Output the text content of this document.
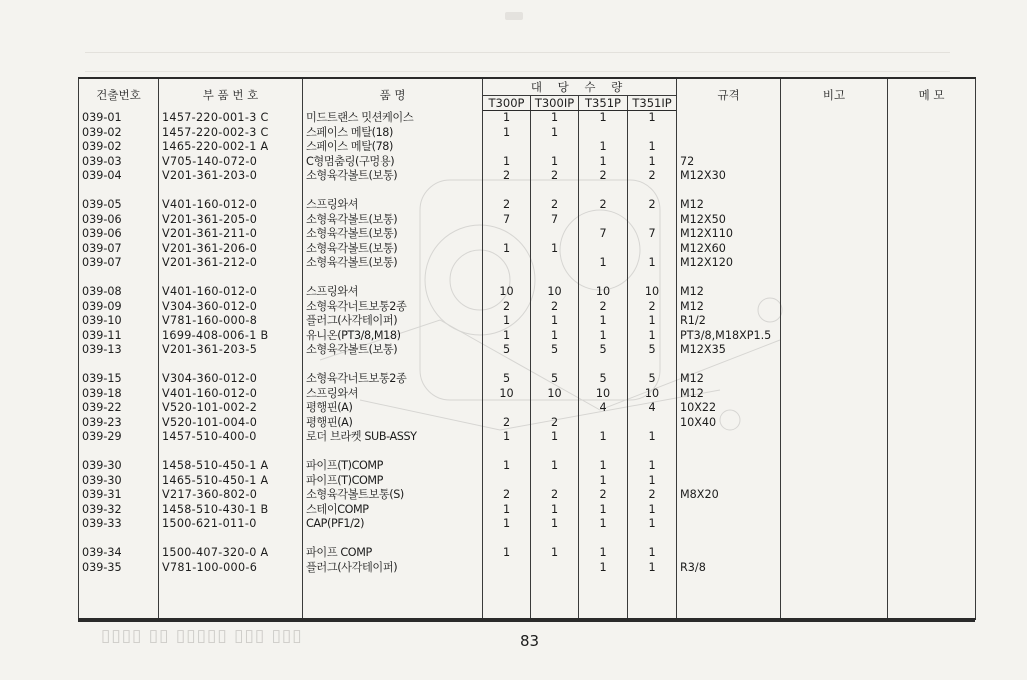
건출번호	부 품 번 호	품 명	대 당 수 량				규격	비고	메 모
			T300P	T300IP	T351P	T351IP			
039-01	1457-220-001-3 C	미드트랜스 밋션케이스	1	1	1	1			
039-02	1457-220-002-3 C	스페이스 메탈(18)	1	1					
039-02	1465-220-002-1 A	스페이스 메탈(78)			1	1			
039-03	V705-140-072-0	C형멈춤링(구멍용)	1	1	1	1	72		
039-04	V201-361-203-0	소형육각볼트(보통)	2	2	2	2	M12X30		

039-05	V401-160-012-0	스프링와셔	2	2	2	2	M12		
039-06	V201-361-205-0	소형육각볼트(보통)	7	7			M12X50		
039-06	V201-361-211-0	소형육각볼트(보통)			7	7	M12X110		
039-07	V201-361-206-0	소형육각볼트(보통)	1	1			M12X60		
039-07	V201-361-212-0	소형육각볼트(보통)			1	1	M12X120		

039-08	V401-160-012-0	스프링와셔	10	10	10	10	M12		
039-09	V304-360-012-0	소형육각너트보통2종	2	2	2	2	M12		
039-10	V781-160-000-8	플러그(사각테이퍼)	1	1	1	1	R1/2		
039-11	1699-408-006-1 B	유니온(PT3/8,M18)	1	1	1	1	PT3/8,M18XP1.5		
039-13	V201-361-203-5	소형육각볼트(보통)	5	5	5	5	M12X35		

039-15	V304-360-012-0	소형육각너트보통2종	5	5	5	5	M12		
039-18	V401-160-012-0	스프링와셔	10	10	10	10	M12		
039-22	V520-101-002-2	평행핀(A)			4	4	10X22		
039-23	V520-101-004-0	평행핀(A)	2	2			10X40		
039-29	1457-510-400-0	로더 브라켓 SUB-ASSY	1	1	1	1			

039-30	1458-510-450-1 A	파이프(T)COMP	1	1	1	1			
039-30	1465-510-450-1 A	파이프(T)COMP			1	1			
039-31	V217-360-802-0	소형육각볼트보통(S)	2	2	2	2	M8X20		
039-32	1458-510-430-1 B	스테이COMP	1	1	1	1			
039-33	1500-621-011-0	CAP(PF1/2)	1	1	1	1			

039-34	1500-407-320-0 A	파이프 COMP	1	1	1	1			
039-35	V781-100-000-6	플러그(사각테이퍼)			1	1	R3/8		

▯▯▯ ▯▯▯ ▯▯▯▯▯ ▯▯ ▯▯▯▯	83
